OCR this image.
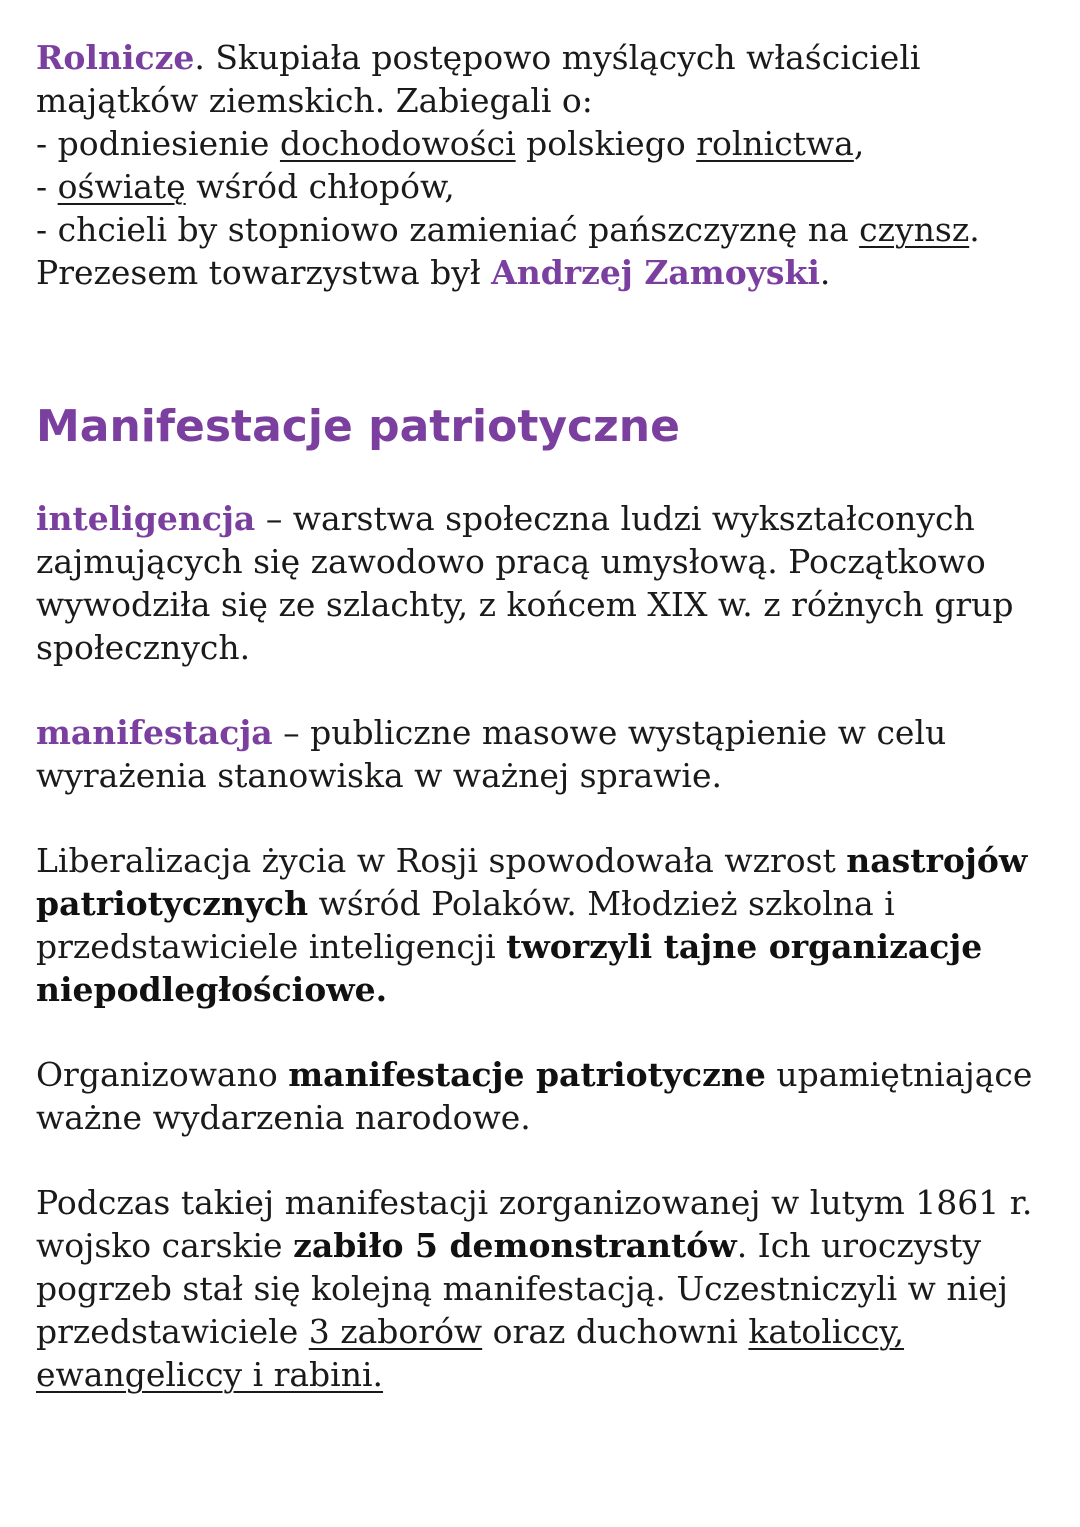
Rolnicze. Skupiała postępowo myślących właścicieli majątków ziemskich. Zabiegali o:
- podniesienie dochodowości polskiego rolnictwa,
- oświatę wśród chłopów,
- chcieli by stopniowo zamieniać pańszczyznę na czynsz.
Prezesem towarzystwa był Andrzej Zamoyski.

Manifestacje patriotyczne

inteligencja – warstwa społeczna ludzi wykształconych zajmujących się zawodowo pracą umysłową. Początkowo wywodziła się ze szlachty, z końcem XIX w. z różnych grup społecznych.

manifestacja – publiczne masowe wystąpienie w celu wyrażenia stanowiska w ważnej sprawie.

Liberalizacja życia w Rosji spowodowała wzrost nastrojów patriotycznych wśród Polaków. Młodzież szkolna i przedstawiciele inteligencji tworzyli tajne organizacje niepodległościowe.

Organizowano manifestacje patriotyczne upamiętniające ważne wydarzenia narodowe.

Podczas takiej manifestacji zorganizowanej w lutym 1861 r. wojsko carskie zabiło 5 demonstrantów. Ich uroczysty pogrzeb stał się kolejną manifestacją. Uczestniczyli w niej przedstawiciele 3 zaborów oraz duchowni katoliccy, ewangeliccy i rabini.
